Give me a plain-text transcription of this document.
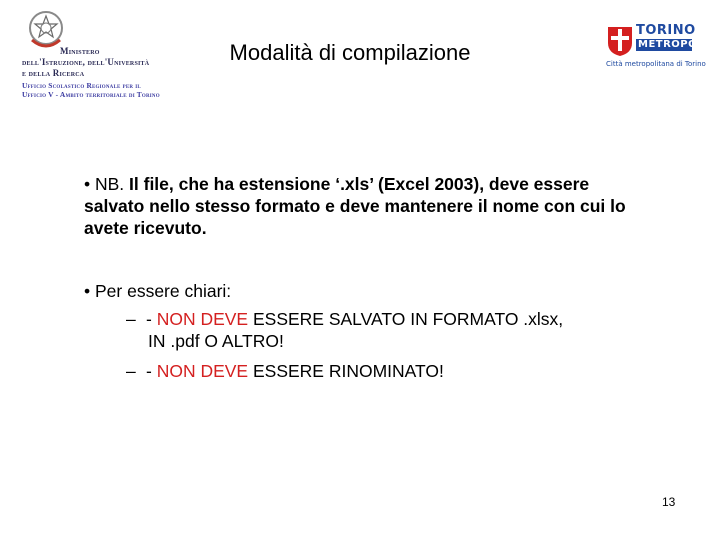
Ministero
dell'Istruzione, dell'Università
e della Ricerca
Ufficio Scolastico Regionale per il
Ufficio V - Ambito territoriale di Torino
Modalità di compilazione
TORINO
METROPOLI
Città metropolitana di Torino
• NB. Il file, che ha estensione ‘.xls’ (Excel 2003), deve essere salvato nello stesso formato e deve mantenere il nome con cui lo avete ricevuto.
• Per essere chiari:
– - NON DEVE ESSERE SALVATO IN FORMATO .xlsx,
IN .pdf O ALTRO!
– - NON DEVE ESSERE RINOMINATO!
13
